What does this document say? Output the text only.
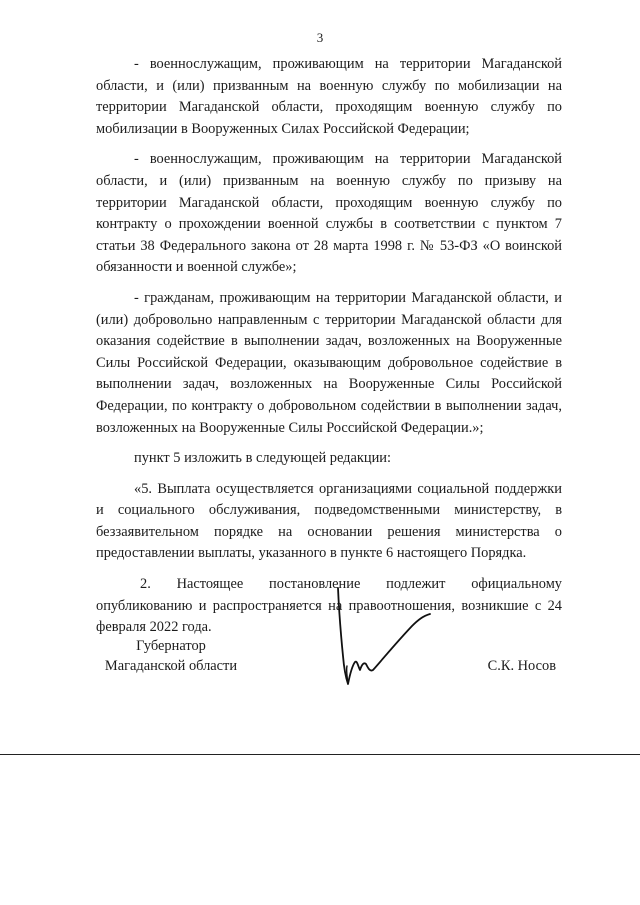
3

- военнослужащим, проживающим на территории Магаданской области, и (или) призванным на военную службу по мобилизации на территории Магаданской области, проходящим военную службу по мобилизации в Вооруженных Силах Российской Федерации;

- военнослужащим, проживающим на территории Магаданской области, и (или) призванным на военную службу по призыву на территории Магаданской области, проходящим военную службу по контракту о прохождении военной службы в соответствии с пунктом 7 статьи 38 Федерального закона от 28 марта 1998 г. № 53-ФЗ «О воинской обязанности и военной службе»;

- гражданам, проживающим на территории Магаданской области, и (или) добровольно направленным с территории Магаданской области для оказания содействие в выполнении задач, возложенных на Вооруженные Силы Российской Федерации, оказывающим добровольное содействие в выполнении задач, возложенных на Вооруженные Силы Российской Федерации, по контракту о добровольном содействии в выполнении задач, возложенных на Вооруженные Силы Российской Федерации.»;

пункт 5 изложить в следующей редакции:

«5. Выплата осуществляется организациями социальной поддержки и социального обслуживания, подведомственными министерству, в беззаявительном порядке на основании решения министерства о предоставлении выплаты, указанного в пункте 6 настоящего Порядка.

2. Настоящее постановление подлежит официальному опубликованию и распространяется на правоотношения, возникшие с 24 февраля 2022 года.

Губернатор
Магаданской области	С.К. Носов
